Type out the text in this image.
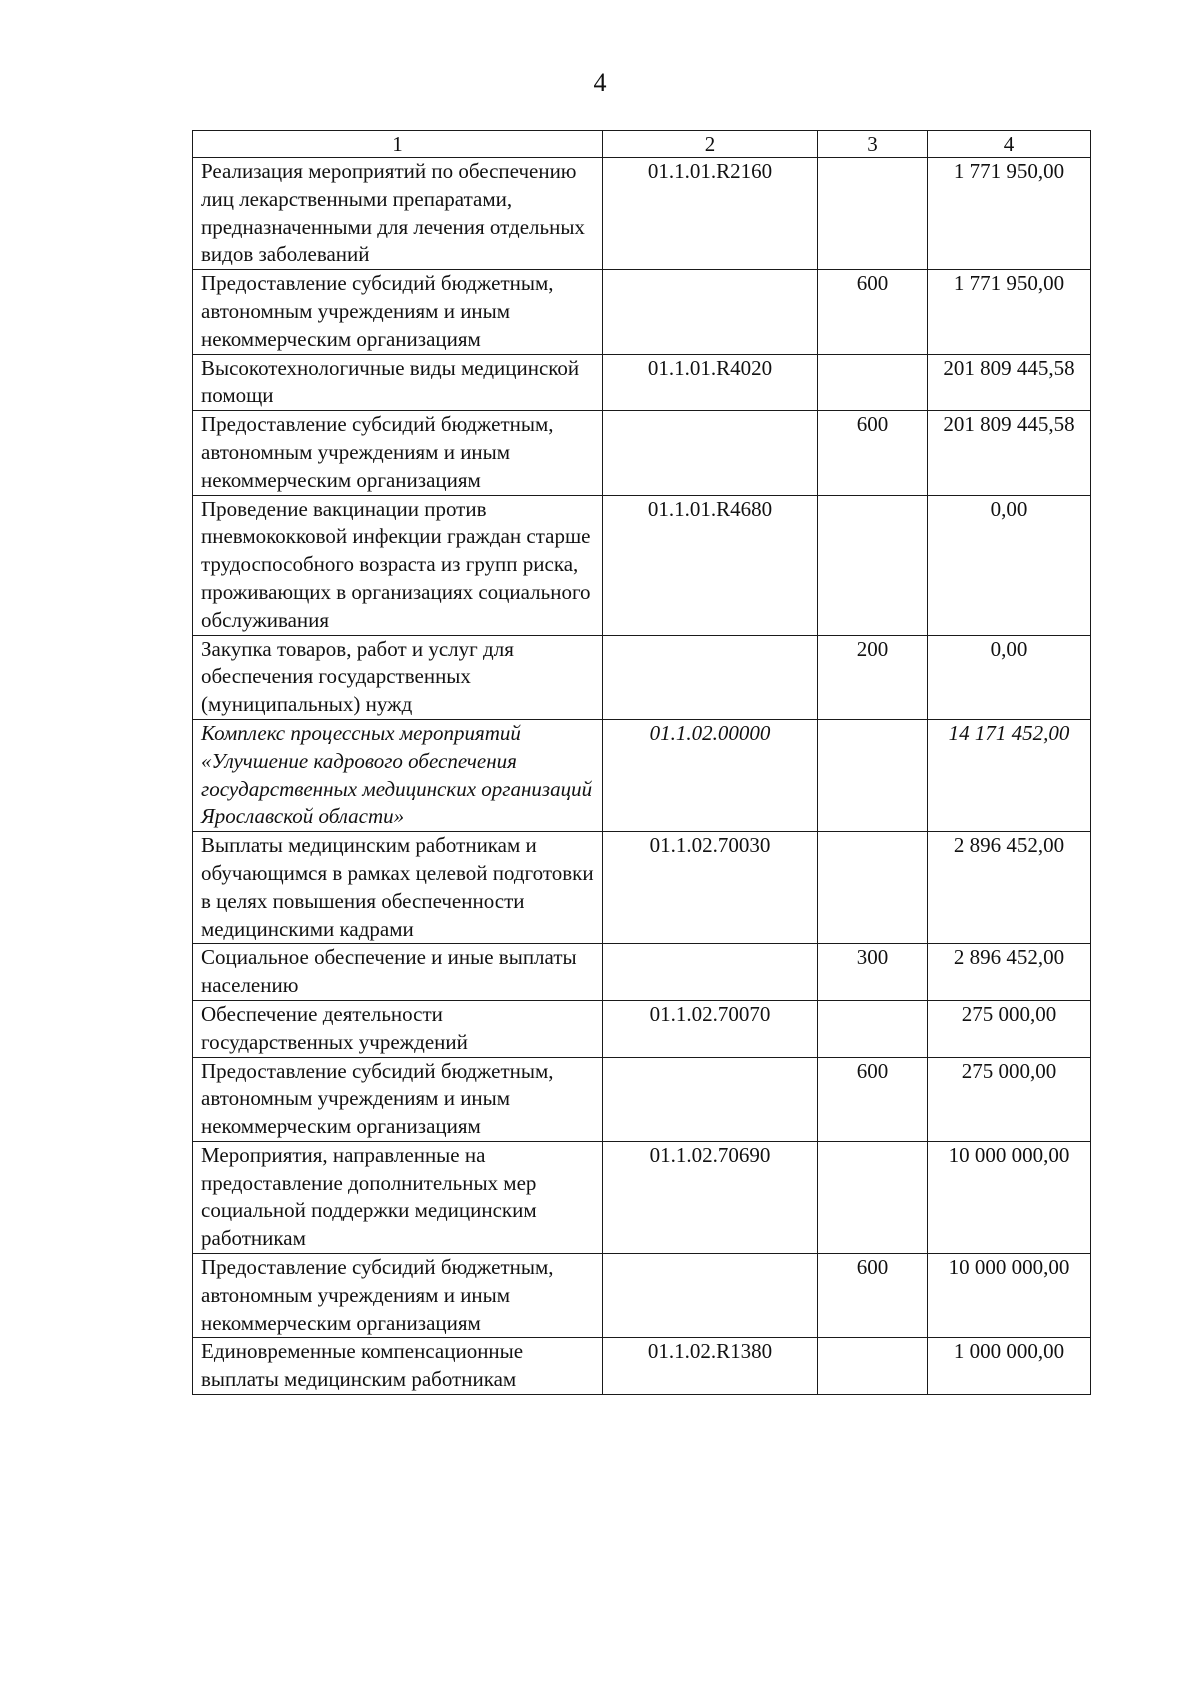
4
1	2	3	4
Реализация мероприятий по обеспечению лиц лекарственными препаратами, предназначенными для лечения отдельных видов заболеваний	01.1.01.R2160		1 771 950,00
Предоставление субсидий бюджетным, автономным учреждениям и иным некоммерческим организациям		600	1 771 950,00
Высокотехнологичные виды медицинской помощи	01.1.01.R4020		201 809 445,58
Предоставление субсидий бюджетным, автономным учреждениям и иным некоммерческим организациям		600	201 809 445,58
Проведение вакцинации против пневмококковой инфекции граждан старше трудоспособного возраста из групп риска, проживающих в организациях социального обслуживания	01.1.01.R4680		0,00
Закупка товаров, работ и услуг для обеспечения государственных (муниципальных) нужд		200	0,00
Комплекс процессных мероприятий «Улучшение кадрового обеспечения государственных медицинских организаций Ярославской области»	01.1.02.00000		14 171 452,00
Выплаты медицинским работникам и обучающимся в рамках целевой подготовки в целях повышения обеспеченности медицинскими кадрами	01.1.02.70030		2 896 452,00
Социальное обеспечение и иные выплаты населению		300	2 896 452,00
Обеспечение деятельности государственных учреждений	01.1.02.70070		275 000,00
Предоставление субсидий бюджетным, автономным учреждениям и иным некоммерческим организациям		600	275 000,00
Мероприятия, направленные на предоставление дополнительных мер социальной поддержки медицинским работникам	01.1.02.70690		10 000 000,00
Предоставление субсидий бюджетным, автономным учреждениям и иным некоммерческим организациям		600	10 000 000,00
Единовременные компенсационные выплаты медицинским работникам	01.1.02.R1380		1 000 000,00
